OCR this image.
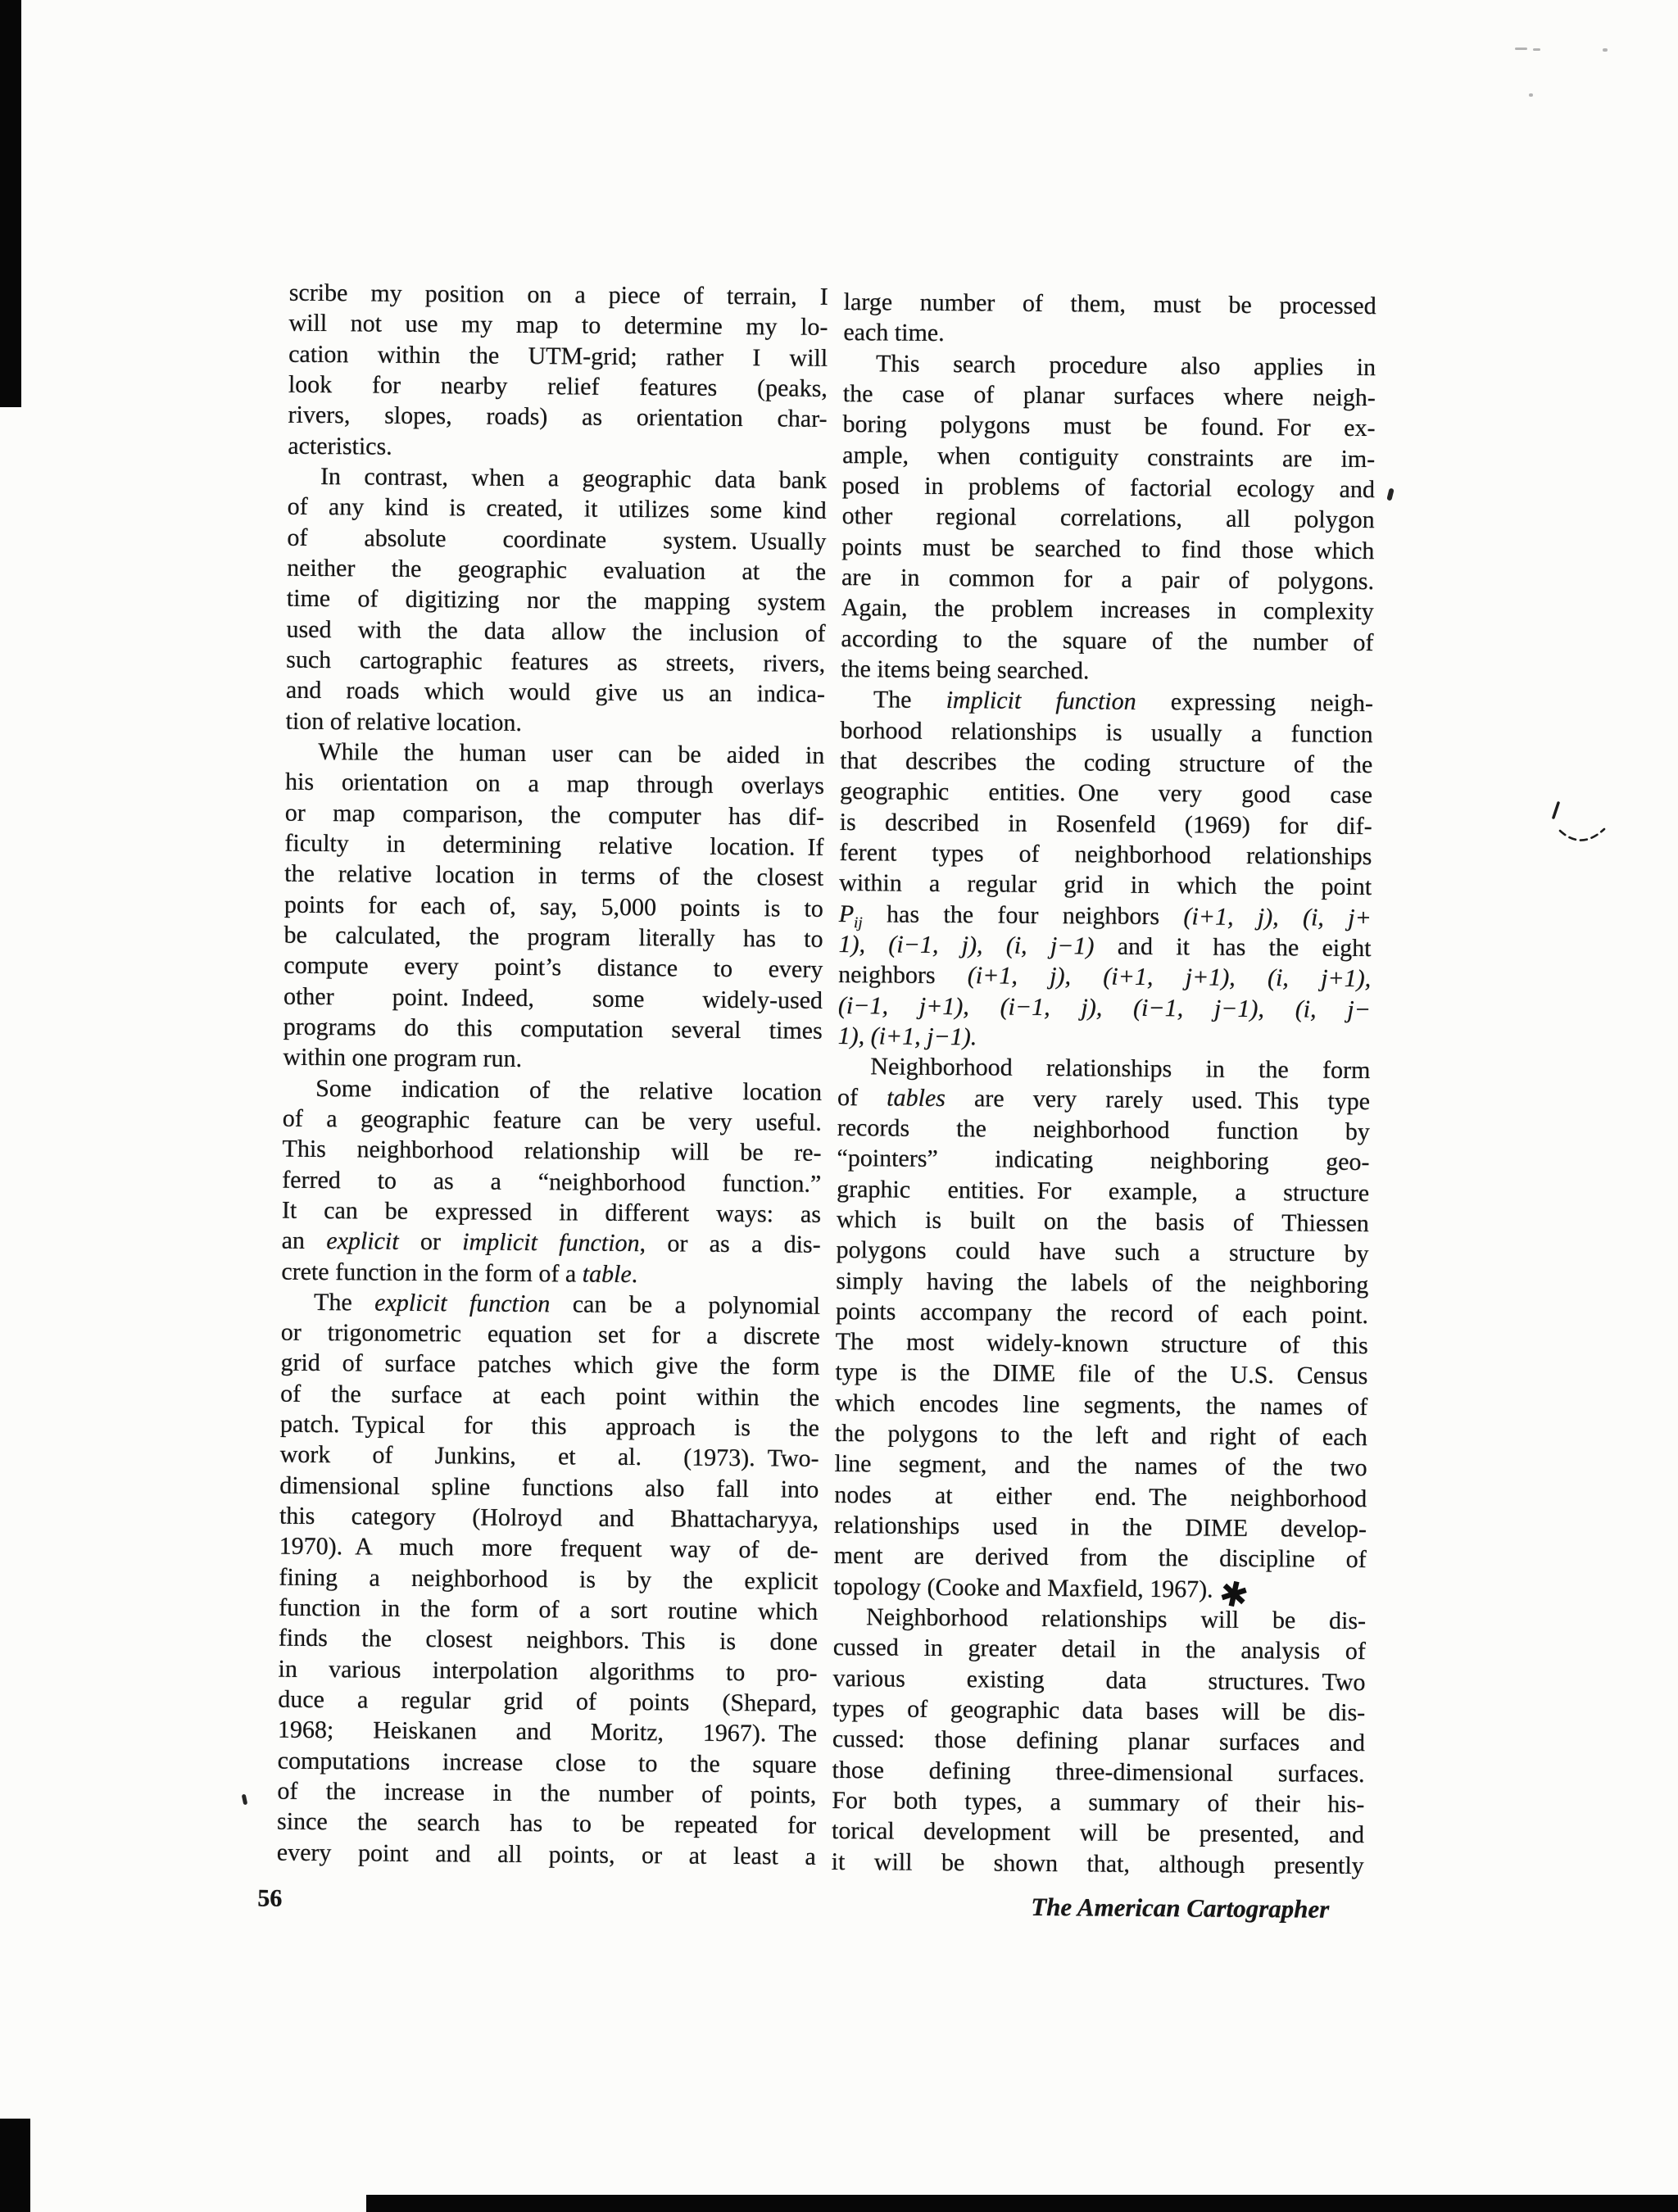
scribe my position on a piece of terrain, I
will not use my map to determine my lo-
cation within the UTM-grid; rather I will
look for nearby relief features (peaks,
rivers, slopes, roads) as orientation char-
acteristics.
In contrast, when a geographic data bank
of any kind is created, it utilizes some kind
of absolute coordinate system. Usually
neither the geographic evaluation at the
time of digitizing nor the mapping system
used with the data allow the inclusion of
such cartographic features as streets, rivers,
and roads which would give us an indica-
tion of relative location.
While the human user can be aided in
his orientation on a map through overlays
or map comparison, the computer has dif-
ficulty in determining relative location. If
the relative location in terms of the closest
points for each of, say, 5,000 points is to
be calculated, the program literally has to
compute every point’s distance to every
other point. Indeed, some widely-used
programs do this computation several times
within one program run.
Some indication of the relative location
of a geographic feature can be very useful.
This neighborhood relationship will be re-
ferred to as a “neighborhood function.”
It can be expressed in different ways: as
an explicit or implicit function, or as a dis-
crete function in the form of a table.
The explicit function can be a polynomial
or trigonometric equation set for a discrete
grid of surface patches which give the form
of the surface at each point within the
patch. Typical for this approach is the
work of Junkins, et al. (1973). Two-
dimensional spline functions also fall into
this category (Holroyd and Bhattacharyya,
1970). A much more frequent way of de-
fining a neighborhood is by the explicit
function in the form of a sort routine which
finds the closest neighbors. This is done
in various interpolation algorithms to pro-
duce a regular grid of points (Shepard,
1968; Heiskanen and Moritz, 1967). The
computations increase close to the square
of the increase in the number of points,
since the search has to be repeated for
every point and all points, or at least a
large number of them, must be processed
each time.
This search procedure also applies in
the case of planar surfaces where neigh-
boring polygons must be found. For ex-
ample, when contiguity constraints are im-
posed in problems of factorial ecology and
other regional correlations, all polygon
points must be searched to find those which
are in common for a pair of polygons.
Again, the problem increases in complexity
according to the square of the number of
the items being searched.
The implicit function expressing neigh-
borhood relationships is usually a function
that describes the coding structure of the
geographic entities. One very good case
is described in Rosenfeld (1969) for dif-
ferent types of neighborhood relationships
within a regular grid in which the point
$P_{ij}$ has the four neighbors (i+1, j), (i, j+
1), (i−1, j), (i, j−1) and it has the eight
neighbors (i+1, j), (i+1, j+1), (i, j+1),
(i−1, j+1), (i−1, j), (i−1, j−1), (i, j−
1), (i+1, j−1).
Neighborhood relationships in the form
of tables are very rarely used. This type
records the neighborhood function by
“pointers” indicating neighboring geo-
graphic entities. For example, a structure
which is built on the basis of Thiessen
polygons could have such a structure by
simply having the labels of the neighboring
points accompany the record of each point.
The most widely-known structure of this
type is the DIME file of the U.S. Census
which encodes line segments, the names of
the polygons to the left and right of each
line segment, and the names of the two
nodes at either end. The neighborhood
relationships used in the DIME develop-
ment are derived from the discipline of
topology (Cooke and Maxfield, 1967).✱
Neighborhood relationships will be dis-
cussed in greater detail in the analysis of
various existing data structures. Two
types of geographic data bases will be dis-
cussed: those defining planar surfaces and
those defining three-dimensional surfaces.
For both types, a summary of their his-
torical development will be presented, and
it will be shown that, although presently
56	The American Cartographer
